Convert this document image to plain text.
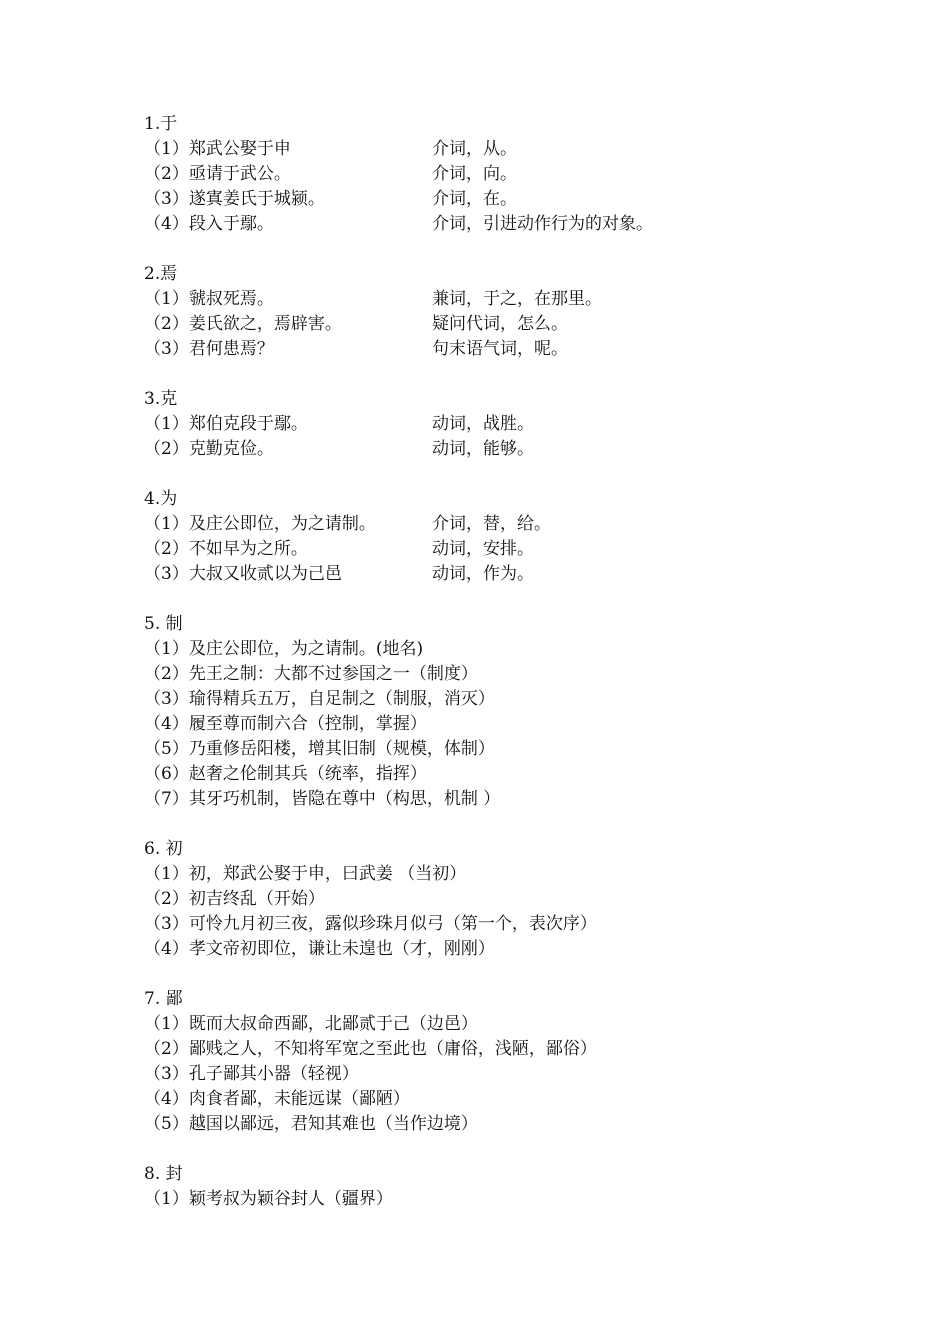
1.于
（1）郑武公娶于申	介词，从。
（2）亟请于武公。	介词，向。
（3）遂寘姜氏于城颍。	介词，在。
（4）段入于鄢。	介词，引进动作行为的对象。
2.焉
（1）虢叔死焉。	兼词，于之，在那里。
（2）姜氏欲之，焉辟害。	疑问代词，怎么。
（3）君何患焉？	句末语气词，呢。
3.克
（1）郑伯克段于鄢。	动词，战胜。
（2）克勤克俭。	动词，能够。
4.为
（1）及庄公即位，为之请制。	介词，替，给。
（2）不如早为之所。	动词，安排。
（3）大叔又收贰以为己邑	动词，作为。
5. 制
（1）及庄公即位，为之请制。(地名)
（2）先王之制：大都不过参国之一（制度）
（3）瑜得精兵五万，自足制之（制服，消灭）
（4）履至尊而制六合（控制，掌握）
（5）乃重修岳阳楼，增其旧制（规模，体制）
（6）赵奢之伦制其兵（统率，指挥）
（7）其牙巧机制，皆隐在尊中（构思，机制 ）
6. 初
（1）初，郑武公娶于申，曰武姜 （当初）
（2）初吉终乱（开始）
（3）可怜九月初三夜，露似珍珠月似弓（第一个，表次序）
（4）孝文帝初即位，谦让未遑也（才，刚刚）
7. 鄙
（1）既而大叔命西鄙，北鄙贰于己（边邑）
（2）鄙贱之人，不知将军宽之至此也（庸俗，浅陋，鄙俗）
（3）孔子鄙其小器（轻视）
（4）肉食者鄙，未能远谋（鄙陋）
（5）越国以鄙远，君知其难也（当作边境）
8. 封
（1）颖考叔为颖谷封人（疆界）
